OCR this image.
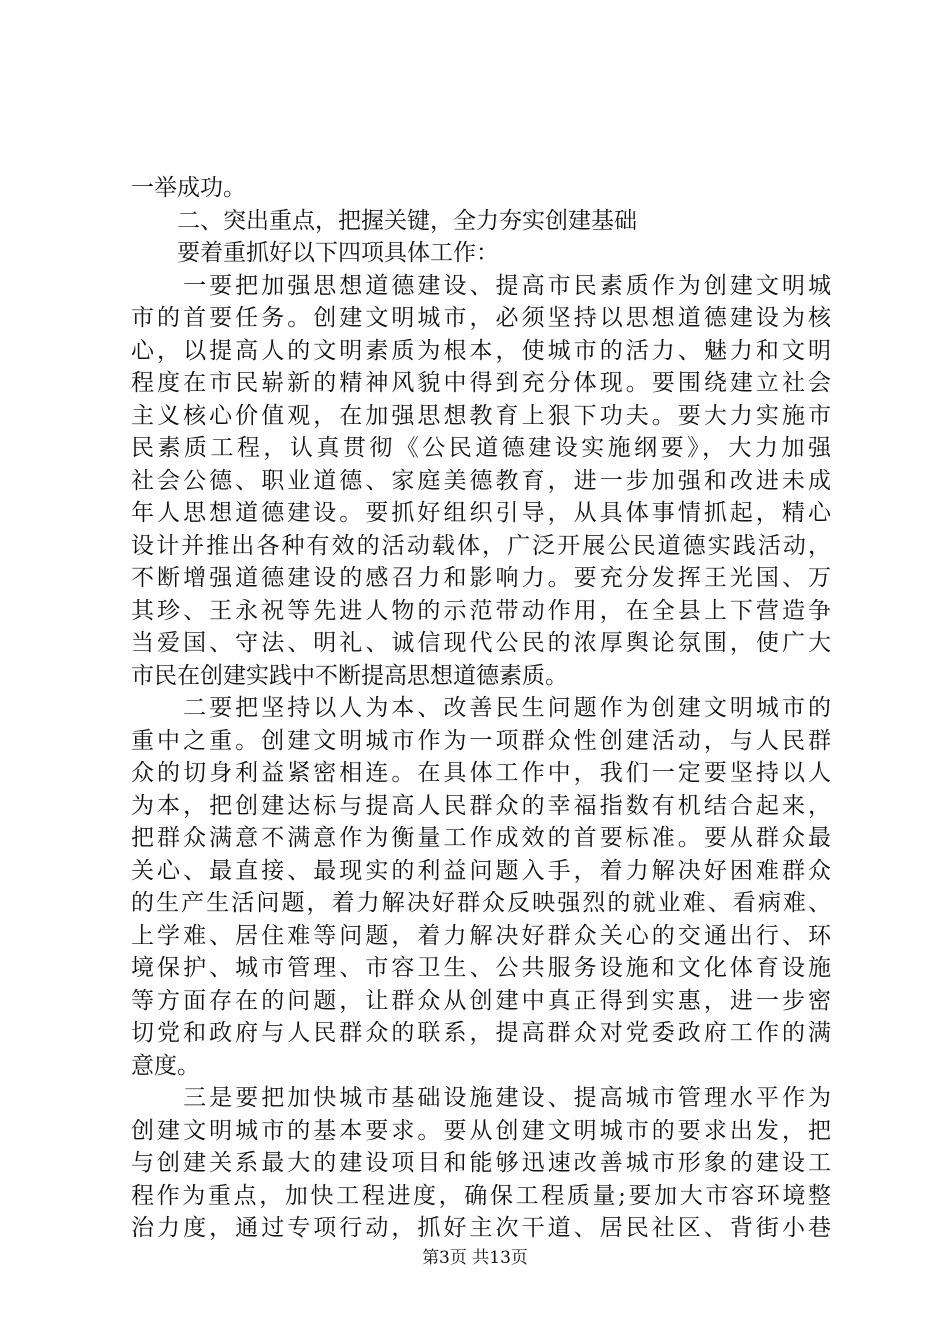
一举成功。
　　二、突出重点，把握关键，全力夯实创建基础
　　要着重抓好以下四项具体工作：
　　一要把加强思想道德建设、提高市民素质作为创建文明城
市的首要任务。创建文明城市，必须坚持以思想道德建设为核
心，以提高人的文明素质为根本，使城市的活力、魅力和文明
程度在市民崭新的精神风貌中得到充分体现。要围绕建立社会
主义核心价值观，在加强思想教育上狠下功夫。要大力实施市
民素质工程，认真贯彻《公民道德建设实施纲要》，大力加强
社会公德、职业道德、家庭美德教育，进一步加强和改进未成
年人思想道德建设。要抓好组织引导，从具体事情抓起，精心
设计并推出各种有效的活动载体，广泛开展公民道德实践活动，
不断增强道德建设的感召力和影响力。要充分发挥王光国、万
其珍、王永祝等先进人物的示范带动作用，在全县上下营造争
当爱国、守法、明礼、诚信现代公民的浓厚舆论氛围，使广大
市民在创建实践中不断提高思想道德素质。
　　二要把坚持以人为本、改善民生问题作为创建文明城市的
重中之重。创建文明城市作为一项群众性创建活动，与人民群
众的切身利益紧密相连。在具体工作中，我们一定要坚持以人
为本，把创建达标与提高人民群众的幸福指数有机结合起来，
把群众满意不满意作为衡量工作成效的首要标准。要从群众最
关心、最直接、最现实的利益问题入手，着力解决好困难群众
的生产生活问题，着力解决好群众反映强烈的就业难、看病难、
上学难、居住难等问题，着力解决好群众关心的交通出行、环
境保护、城市管理、市容卫生、公共服务设施和文化体育设施
等方面存在的问题，让群众从创建中真正得到实惠，进一步密
切党和政府与人民群众的联系，提高群众对党委政府工作的满
意度。
　　三是要把加快城市基础设施建设、提高城市管理水平作为
创建文明城市的基本要求。要从创建文明城市的要求出发，把
与创建关系最大的建设项目和能够迅速改善城市形象的建设工
程作为重点，加快工程进度，确保工程质量;要加大市容环境整
治力度，通过专项行动，抓好主次干道、居民社区、背街小巷
第3页 共13页
